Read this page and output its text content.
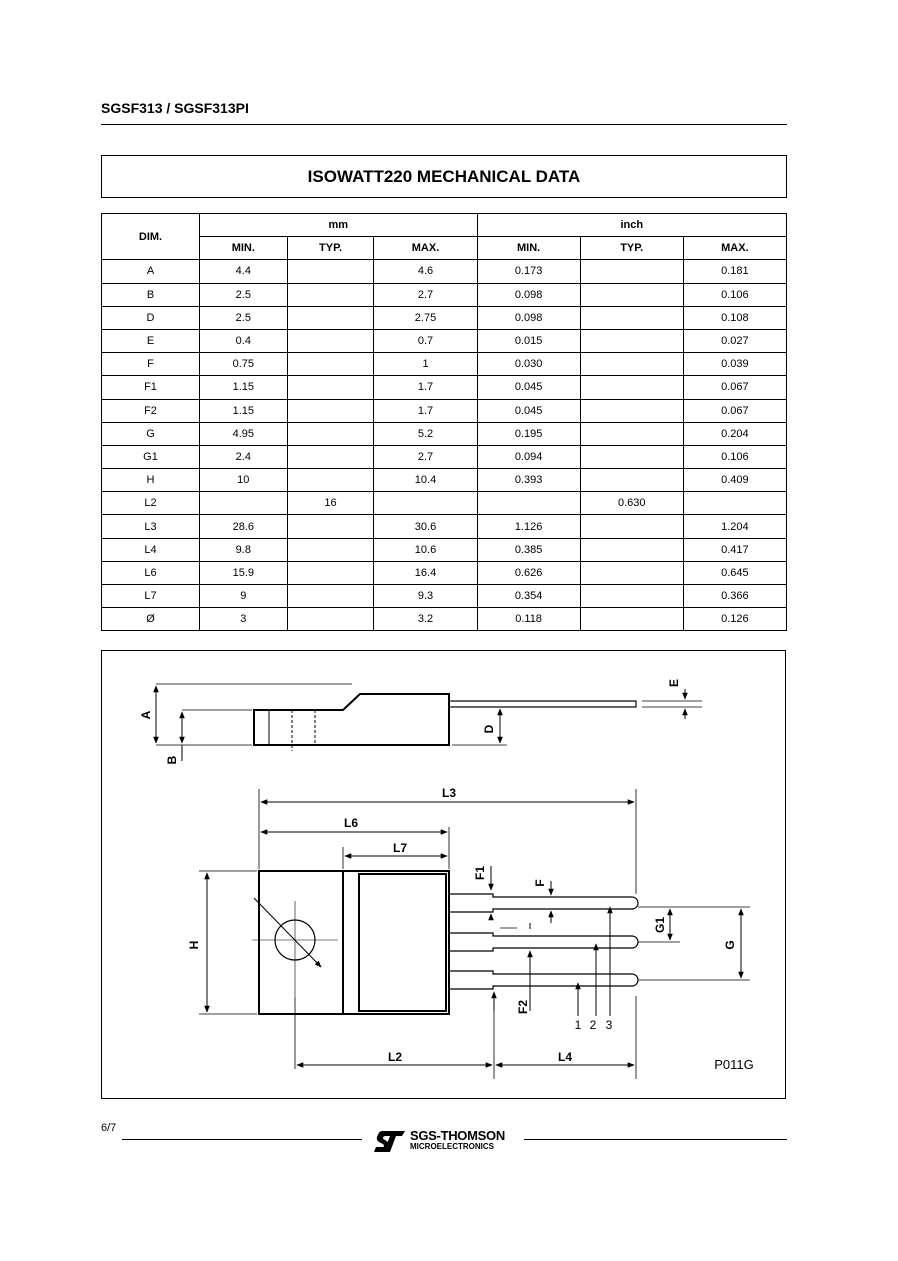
SGSF313 / SGSF313PI
ISOWATT220 MECHANICAL DATA
DIM.	mm			inch		
	MIN.	TYP.	MAX.	MIN.	TYP.	MAX.
A	4.4		4.6	0.173		0.181
B	2.5		2.7	0.098		0.106
D	2.5		2.75	0.098		0.108
E	0.4		0.7	0.015		0.027
F	0.75		1	0.030		0.039
F1	1.15		1.7	0.045		0.067
F2	1.15		1.7	0.045		0.067
G	4.95		5.2	0.195		0.204
G1	2.4		2.7	0.094		0.106
H	10		10.4	0.393		0.409
L2		16			0.630	
L3	28.6		30.6	1.126		1.204
L4	9.8		10.6	0.385		0.417
L6	15.9		16.4	0.626		0.645
L7	9		9.3	0.354		0.366
Ø	3		3.2	0.118		0.126
A
B
D
E
L3
L6
L7
F1
F
F2
G1
G
H
L2	L4
1 2 3
P011G
6/7	SGS-THOMSON
MICROELECTRONICS
